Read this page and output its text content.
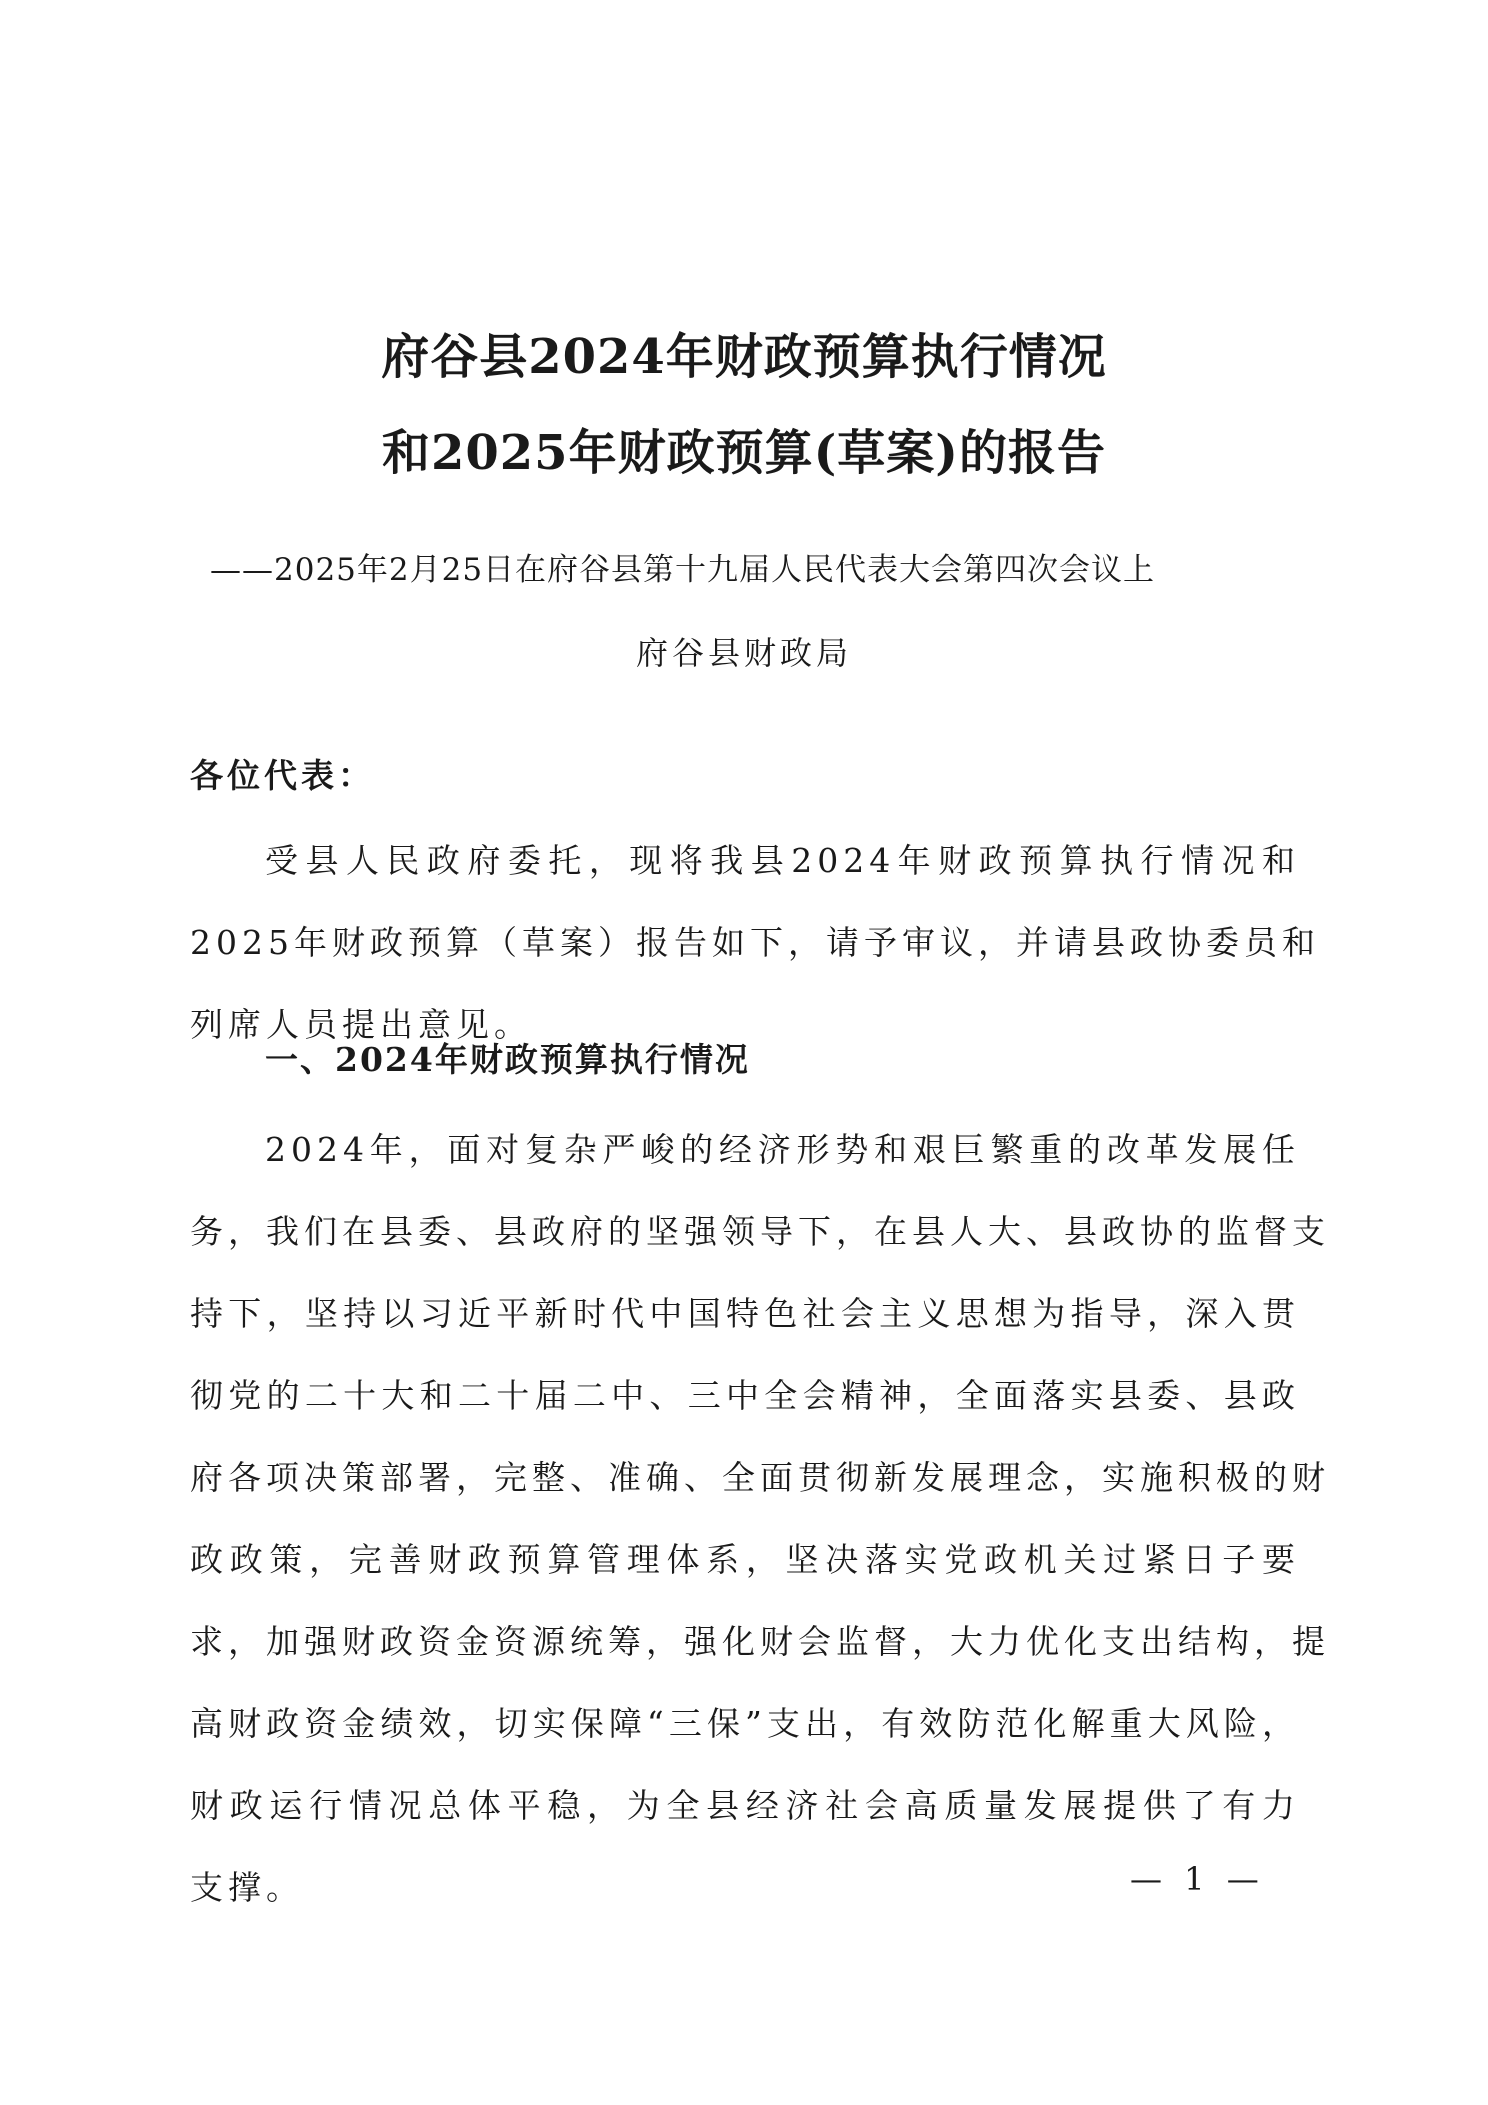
府谷县2024年财政预算执行情况
和2025年财政预算(草案)的报告
——2025年2月25日在府谷县第十九届人民代表大会第四次会议上
府谷县财政局
各位代表：
受县人民政府委托，现将我县2024年财政预算执行情况和
2025年财政预算（草案）报告如下，请予审议，并请县政协委员和
列席人员提出意见。
一、2024年财政预算执行情况
2024年，面对复杂严峻的经济形势和艰巨繁重的改革发展任
务，我们在县委、县政府的坚强领导下，在县人大、县政协的监督支
持下，坚持以习近平新时代中国特色社会主义思想为指导，深入贯
彻党的二十大和二十届二中、三中全会精神，全面落实县委、县政
府各项决策部署，完整、准确、全面贯彻新发展理念，实施积极的财
政政策，完善财政预算管理体系，坚决落实党政机关过紧日子要
求，加强财政资金资源统筹，强化财会监督，大力优化支出结构，提
高财政资金绩效，切实保障“三保”支出，有效防范化解重大风险，
财政运行情况总体平稳，为全县经济社会高质量发展提供了有力
支撑。	— 1 —
